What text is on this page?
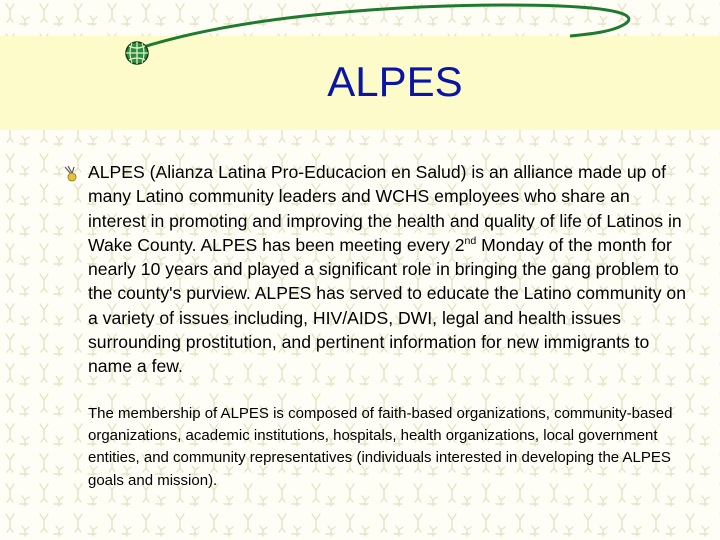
ALPES

ALPES (Alianza Latina Pro-Educacion en Salud) is an alliance made up of many Latino community leaders and WCHS employees who share an interest in promoting and improving the health and quality of life of Latinos in Wake County. ALPES has been meeting every 2nd Monday of the month for nearly 10 years and played a significant role in bringing the gang problem to the county's purview. ALPES has served to educate the Latino community on a variety of issues including, HIV/AIDS, DWI, legal and health issues surrounding prostitution, and pertinent information for new immigrants to name a few.

The membership of ALPES is composed of faith-based organizations, community-based organizations, academic institutions, hospitals, health organizations, local government entities, and community representatives (individuals interested in developing the ALPES goals and mission).
